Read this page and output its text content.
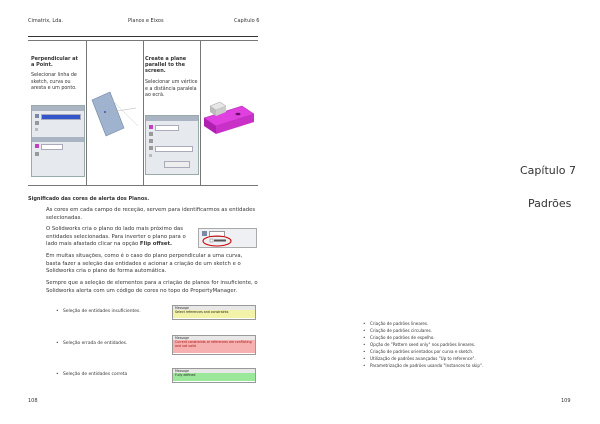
Cimatrix, Lda.	Planos e Eixos	Capítulo 6
Perpendicular at a Point.
Selecionar linha de sketch, curva ou aresta e um ponto.
Create a plane parallel to the screen.
Selecionar um vértice e a distância paralela ao ecrã.
Significado das cores de alerta dos Planos.
As cores em cada campo de receção, servem para identificarmos as entidades selecionadas.
O Solidworks cria o plano do lado mais próximo das entidades selecionadas. Para inverter o plano para o lado mais afastado clicar na opção Flip offset.
Em muitas situações, como é o caso do plano perpendicular a uma curva, basta fazer a seleção das entidades e acionar a criação de um sketch e o Solidworks cria o plano de forma automática.
Sempre que a seleção de elementos para a criação de planos for insuficiente, o Solidworks alerta com um código de cores no topo do PropertyManager.
• Seleção de entidades insuficientes.
Message
Select references and constraints
• Seleção errada de entidades.
Message
Current constraints or references are conflicting and not valid
• Seleção de entidades correta
Message
Fully defined
108
Capítulo 7
Padrões
• Criação de padrões lineares.
• Criação de padrões circulares.
• Criação de padrões de espelho.
• Opção de "Pattern seed only" nos padrões lineares.
• Criação de padrões orientados por curva e sketch.
• Utilização de padrões avançados "Up to reference".
• Parametrização de padrões usando "Instances to skip".
109
